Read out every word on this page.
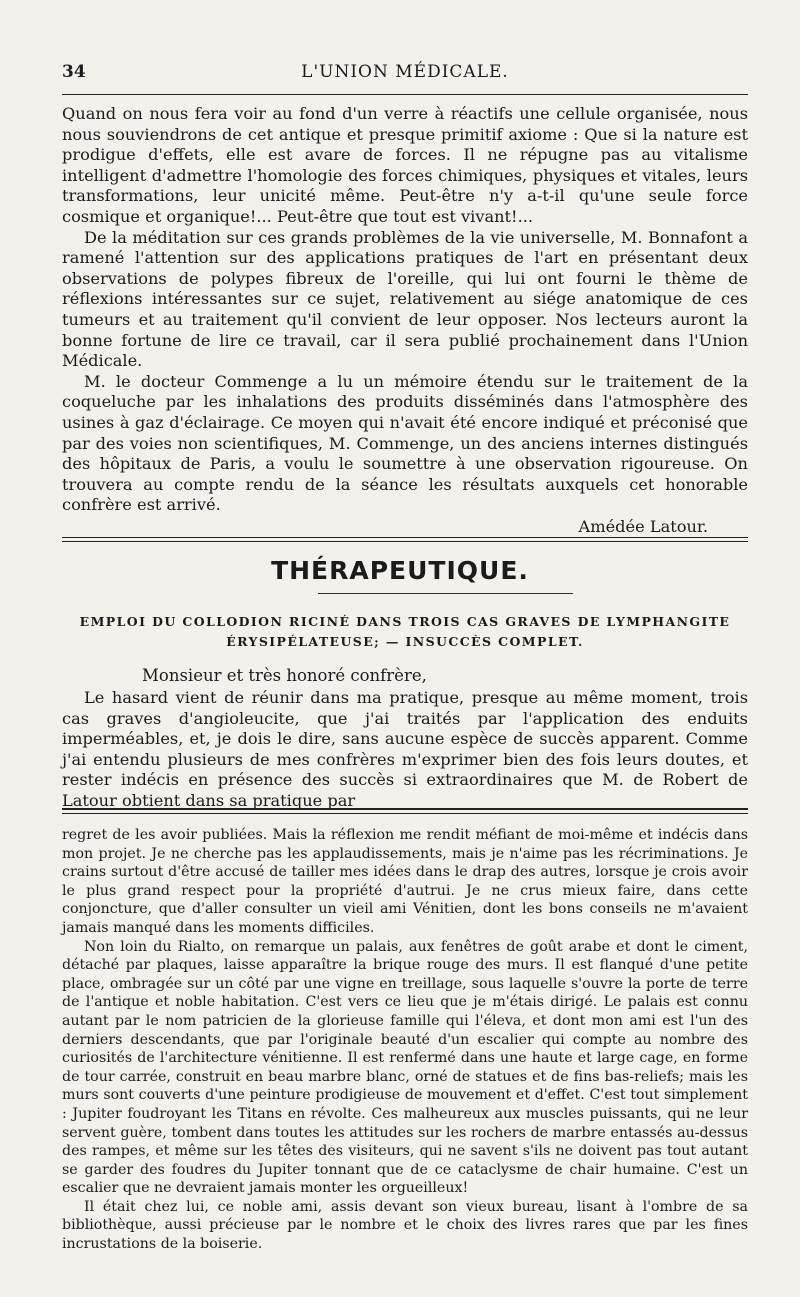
34	L'UNION MÉDICALE.

Quand on nous fera voir au fond d'un verre à réactifs une cellule organisée, nous nous souviendrons de cet antique et presque primitif axiome : Que si la nature est prodigue d'effets, elle est avare de forces. Il ne répugne pas au vitalisme intelligent d'admettre l'homologie des forces chimiques, physiques et vitales, leurs transformations, leur unicité même. Peut-être n'y a-t-il qu'une seule force cosmique et organique!... Peut-être que tout est vivant!...

De la méditation sur ces grands problèmes de la vie universelle, M. Bonnafont a ramené l'attention sur des applications pratiques de l'art en présentant deux observations de polypes fibreux de l'oreille, qui lui ont fourni le thème de réflexions intéressantes sur ce sujet, relativement au siége anatomique de ces tumeurs et au traitement qu'il convient de leur opposer. Nos lecteurs auront la bonne fortune de lire ce travail, car il sera publié prochainement dans l'Union Médicale.

M. le docteur Commenge a lu un mémoire étendu sur le traitement de la coqueluche par les inhalations des produits disséminés dans l'atmosphère des usines à gaz d'éclairage. Ce moyen qui n'avait été encore indiqué et préconisé que par des voies non scientifiques, M. Commenge, un des anciens internes distingués des hôpitaux de Paris, a voulu le soumettre à une observation rigoureuse. On trouvera au compte rendu de la séance les résultats auxquels cet honorable confrère est arrivé.

Amédée Latour.

THÉRAPEUTIQUE.
EMPLOI DU COLLODION RICINÉ DANS TROIS CAS GRAVES DE LYMPHANGITE ÉRYSIPÉLATEUSE; — INSUCCÈS COMPLET.
Monsieur et très honoré confrère,

Le hasard vient de réunir dans ma pratique, presque au même moment, trois cas graves d'angioleucite, que j'ai traités par l'application des enduits imperméables, et, je dois le dire, sans aucune espèce de succès apparent. Comme j'ai entendu plusieurs de mes confrères m'exprimer bien des fois leurs doutes, et rester indécis en présence des succès si extraordinaires que M. de Robert de Latour obtient dans sa pratique par

regret de les avoir publiées. Mais la réflexion me rendit méfiant de moi-même et indécis dans mon projet. Je ne cherche pas les applaudissements, mais je n'aime pas les récriminations. Je crains surtout d'être accusé de tailler mes idées dans le drap des autres, lorsque je crois avoir le plus grand respect pour la propriété d'autrui. Je ne crus mieux faire, dans cette conjoncture, que d'aller consulter un vieil ami Vénitien, dont les bons conseils ne m'avaient jamais manqué dans les moments difficiles.

Non loin du Rialto, on remarque un palais, aux fenêtres de goût arabe et dont le ciment, détaché par plaques, laisse apparaître la brique rouge des murs. Il est flanqué d'une petite place, ombragée sur un côté par une vigne en treillage, sous laquelle s'ouvre la porte de terre de l'antique et noble habitation. C'est vers ce lieu que je m'étais dirigé. Le palais est connu autant par le nom patricien de la glorieuse famille qui l'éleva, et dont mon ami est l'un des derniers descendants, que par l'originale beauté d'un escalier qui compte au nombre des curiosités de l'architecture vénitienne. Il est renfermé dans une haute et large cage, en forme de tour carrée, construit en beau marbre blanc, orné de statues et de fins bas-reliefs; mais les murs sont couverts d'une peinture prodigieuse de mouvement et d'effet. C'est tout simplement : Jupiter foudroyant les Titans en révolte. Ces malheureux aux muscles puissants, qui ne leur servent guère, tombent dans toutes les attitudes sur les rochers de marbre entassés au-dessus des rampes, et même sur les têtes des visiteurs, qui ne savent s'ils ne doivent pas tout autant se garder des foudres du Jupiter tonnant que de ce cataclysme de chair humaine. C'est un escalier que ne devraient jamais monter les orgueilleux!

Il était chez lui, ce noble ami, assis devant son vieux bureau, lisant à l'ombre de sa bibliothèque, aussi précieuse par le nombre et le choix des livres rares que par les fines incrustations de la boiserie.
